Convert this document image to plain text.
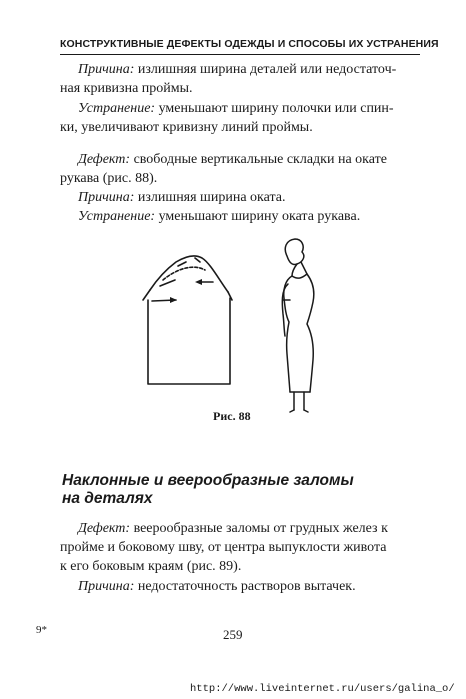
КОНСТРУКТИВНЫЕ ДЕФЕКТЫ ОДЕЖДЫ И СПОСОБЫ ИХ УСТРАНЕНИЯ
Причина: излишняя ширина деталей или недостаточ-
ная кривизна проймы.
Устранение: уменьшают ширину полочки или спин-
ки, увеличивают кривизну линий проймы.
Дефект: свободные вертикальные складки на окате
рукава (рис. 88).
Причина: излишняя ширина оката.
Устранение: уменьшают ширину оката рукава.
Рис. 88
Наклонные и веерообразные заломы
на деталях
Дефект: веерообразные заломы от грудных желез к
пройме и боковому шву, от центра выпуклости живота
к его боковым краям (рис. 89).
Причина: недостаточность растворов вытачек.
9*	259
http://www.liveinternet.ru/users/galina_o/
